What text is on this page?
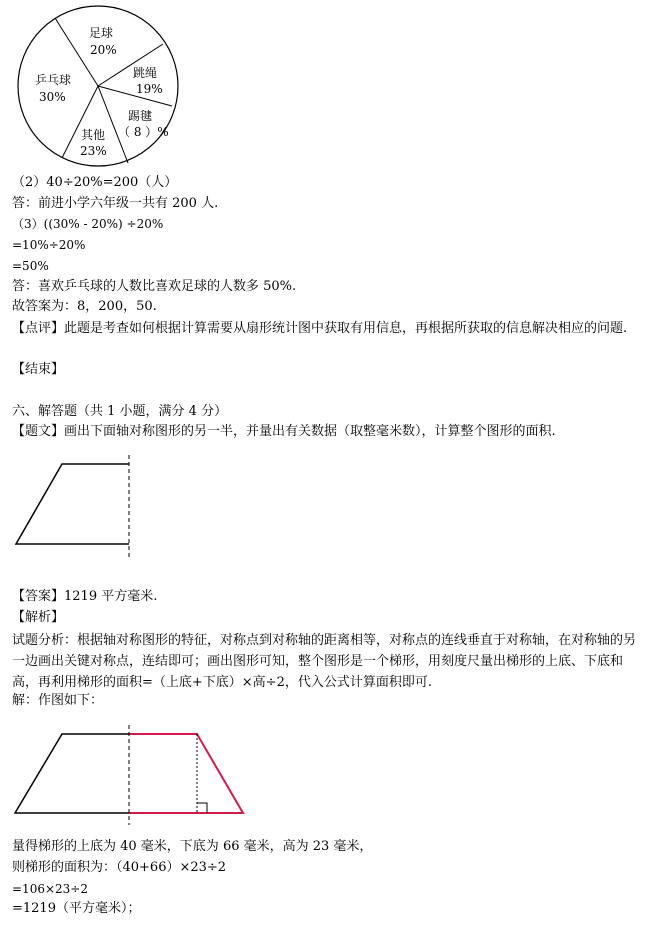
足球
20%
跳绳
19%
踢毽
（ 8 ）%
其他
23%
乒乓球
30%
（2）40÷20%=200（人）
答：前进小学六年级一共有 200 人.
（3）((30% - 20%) ÷20%
=10%÷20%
=50%
答：喜欢乒乓球的人数比喜欢足球的人数多 50%.
故答案为：8，200，50.
【点评】此题是考查如何根据计算需要从扇形统计图中获取有用信息，再根据所获取的信息解决相应的问题.
【结束】
六、解答题（共 1 小题，满分 4 分）
【题文】画出下面轴对称图形的另一半，并量出有关数据（取整毫米数），计算整个图形的面积.
【答案】1219 平方毫米.
【解析】
试题分析：根据轴对称图形的特征，对称点到对称轴的距离相等，对称点的连线垂直于对称轴，在对称轴的另一边画出关键对称点，连结即可；画出图形可知，整个图形是一个梯形，用刻度尺量出梯形的上底、下底和高，再利用梯形的面积=（上底+下底）×高÷2，代入公式计算面积即可.
解：作图如下：
量得梯形的上底为 40 毫米，下底为 66 毫米，高为 23 毫米，
则梯形的面积为：（40+66）×23÷2
=106×23÷2
=1219（平方毫米）；
